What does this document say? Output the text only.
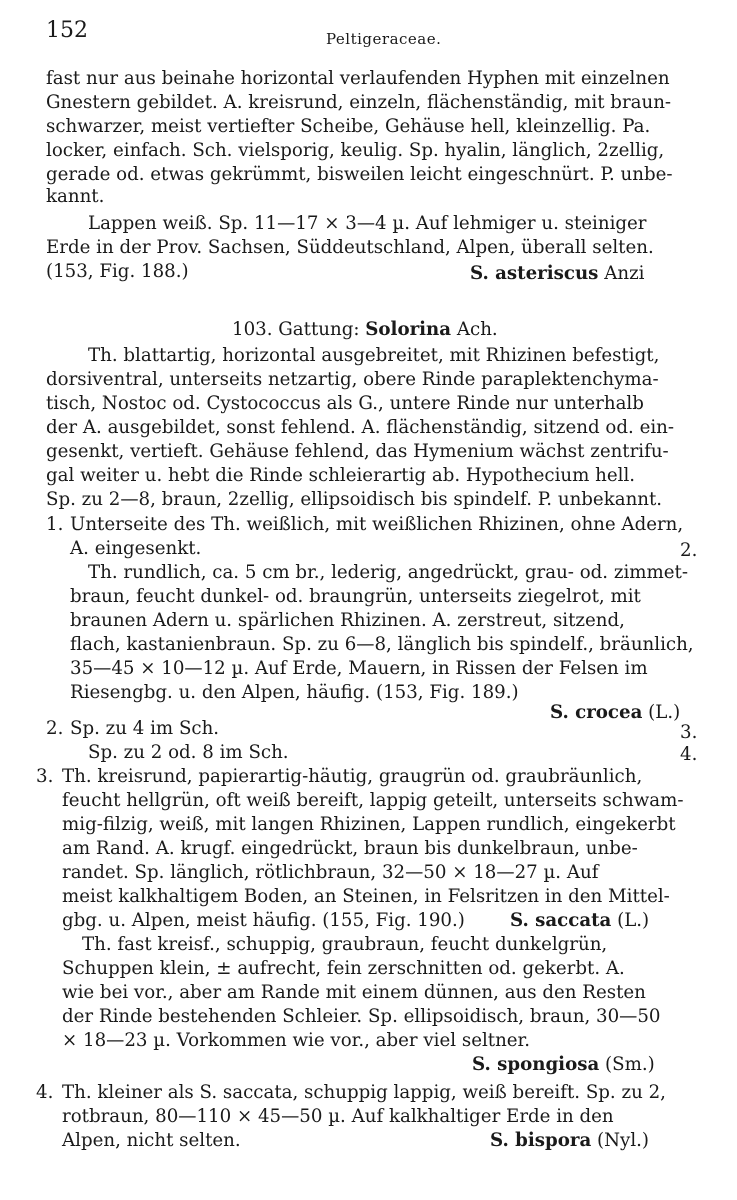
152	Peltigeraceae.
fast nur aus beinahe horizontal verlaufenden Hyphen mit einzelnen
Gnestern gebildet. A. kreisrund, einzeln, flächenständig, mit braun-
schwarzer, meist vertiefter Scheibe, Gehäuse hell, kleinzellig. Pa.
locker, einfach. Sch. vielsporig, keulig. Sp. hyalin, länglich, 2zellig,
gerade od. etwas gekrümmt, bisweilen leicht eingeschnürt. P. unbe-
kannt.
Lappen weiß. Sp. 11—17 × 3—4 µ. Auf lehmiger u. steiniger
Erde in der Prov. Sachsen, Süddeutschland, Alpen, überall selten.
(153, Fig. 188.)	S. asteriscus Anzi
103. Gattung: Solorina Ach.
Th. blattartig, horizontal ausgebreitet, mit Rhizinen befestigt,
dorsiventral, unterseits netzartig, obere Rinde paraplektenchyma-
tisch, Nostoc od. Cystococcus als G., untere Rinde nur unterhalb
der A. ausgebildet, sonst fehlend. A. flächenständig, sitzend od. ein-
gesenkt, vertieft. Gehäuse fehlend, das Hymenium wächst zentrifu-
gal weiter u. hebt die Rinde schleierartig ab. Hypothecium hell.
Sp. zu 2—8, braun, 2zellig, ellipsoidisch bis spindelf. P. unbekannt.
1. Unterseite des Th. weißlich, mit weißlichen Rhizinen, ohne Adern,
A. eingesenkt.	2.
Th. rundlich, ca. 5 cm br., lederig, angedrückt, grau- od. zimmet-
braun, feucht dunkel- od. braungrün, unterseits ziegelrot, mit
braunen Adern u. spärlichen Rhizinen. A. zerstreut, sitzend,
flach, kastanienbraun. Sp. zu 6—8, länglich bis spindelf., bräunlich,
35—45 × 10—12 µ. Auf Erde, Mauern, in Rissen der Felsen im
Riesengbg. u. den Alpen, häufig. (153, Fig. 189.)
S. crocea (L.)
2. Sp. zu 4 im Sch.	3.
Sp. zu 2 od. 8 im Sch.	4.
3. Th. kreisrund, papierartig-häutig, graugrün od. graubräunlich,
feucht hellgrün, oft weiß bereift, lappig geteilt, unterseits schwam-
mig-filzig, weiß, mit langen Rhizinen, Lappen rundlich, eingekerbt
am Rand. A. krugf. eingedrückt, braun bis dunkelbraun, unbe-
randet. Sp. länglich, rötlichbraun, 32—50 × 18—27 µ. Auf
meist kalkhaltigem Boden, an Steinen, in Felsritzen in den Mittel-
gbg. u. Alpen, meist häufig. (155, Fig. 190.) S. saccata (L.)
Th. fast kreisf., schuppig, graubraun, feucht dunkelgrün,
Schuppen klein, ± aufrecht, fein zerschnitten od. gekerbt. A.
wie bei vor., aber am Rande mit einem dünnen, aus den Resten
der Rinde bestehenden Schleier. Sp. ellipsoidisch, braun, 30—50
× 18—23 µ. Vorkommen wie vor., aber viel seltner.
S. spongiosa (Sm.)
4. Th. kleiner als S. saccata, schuppig lappig, weiß bereift. Sp. zu 2,
rotbraun, 80—110 × 45—50 µ. Auf kalkhaltiger Erde in den
Alpen, nicht selten.	S. bispora (Nyl.)
